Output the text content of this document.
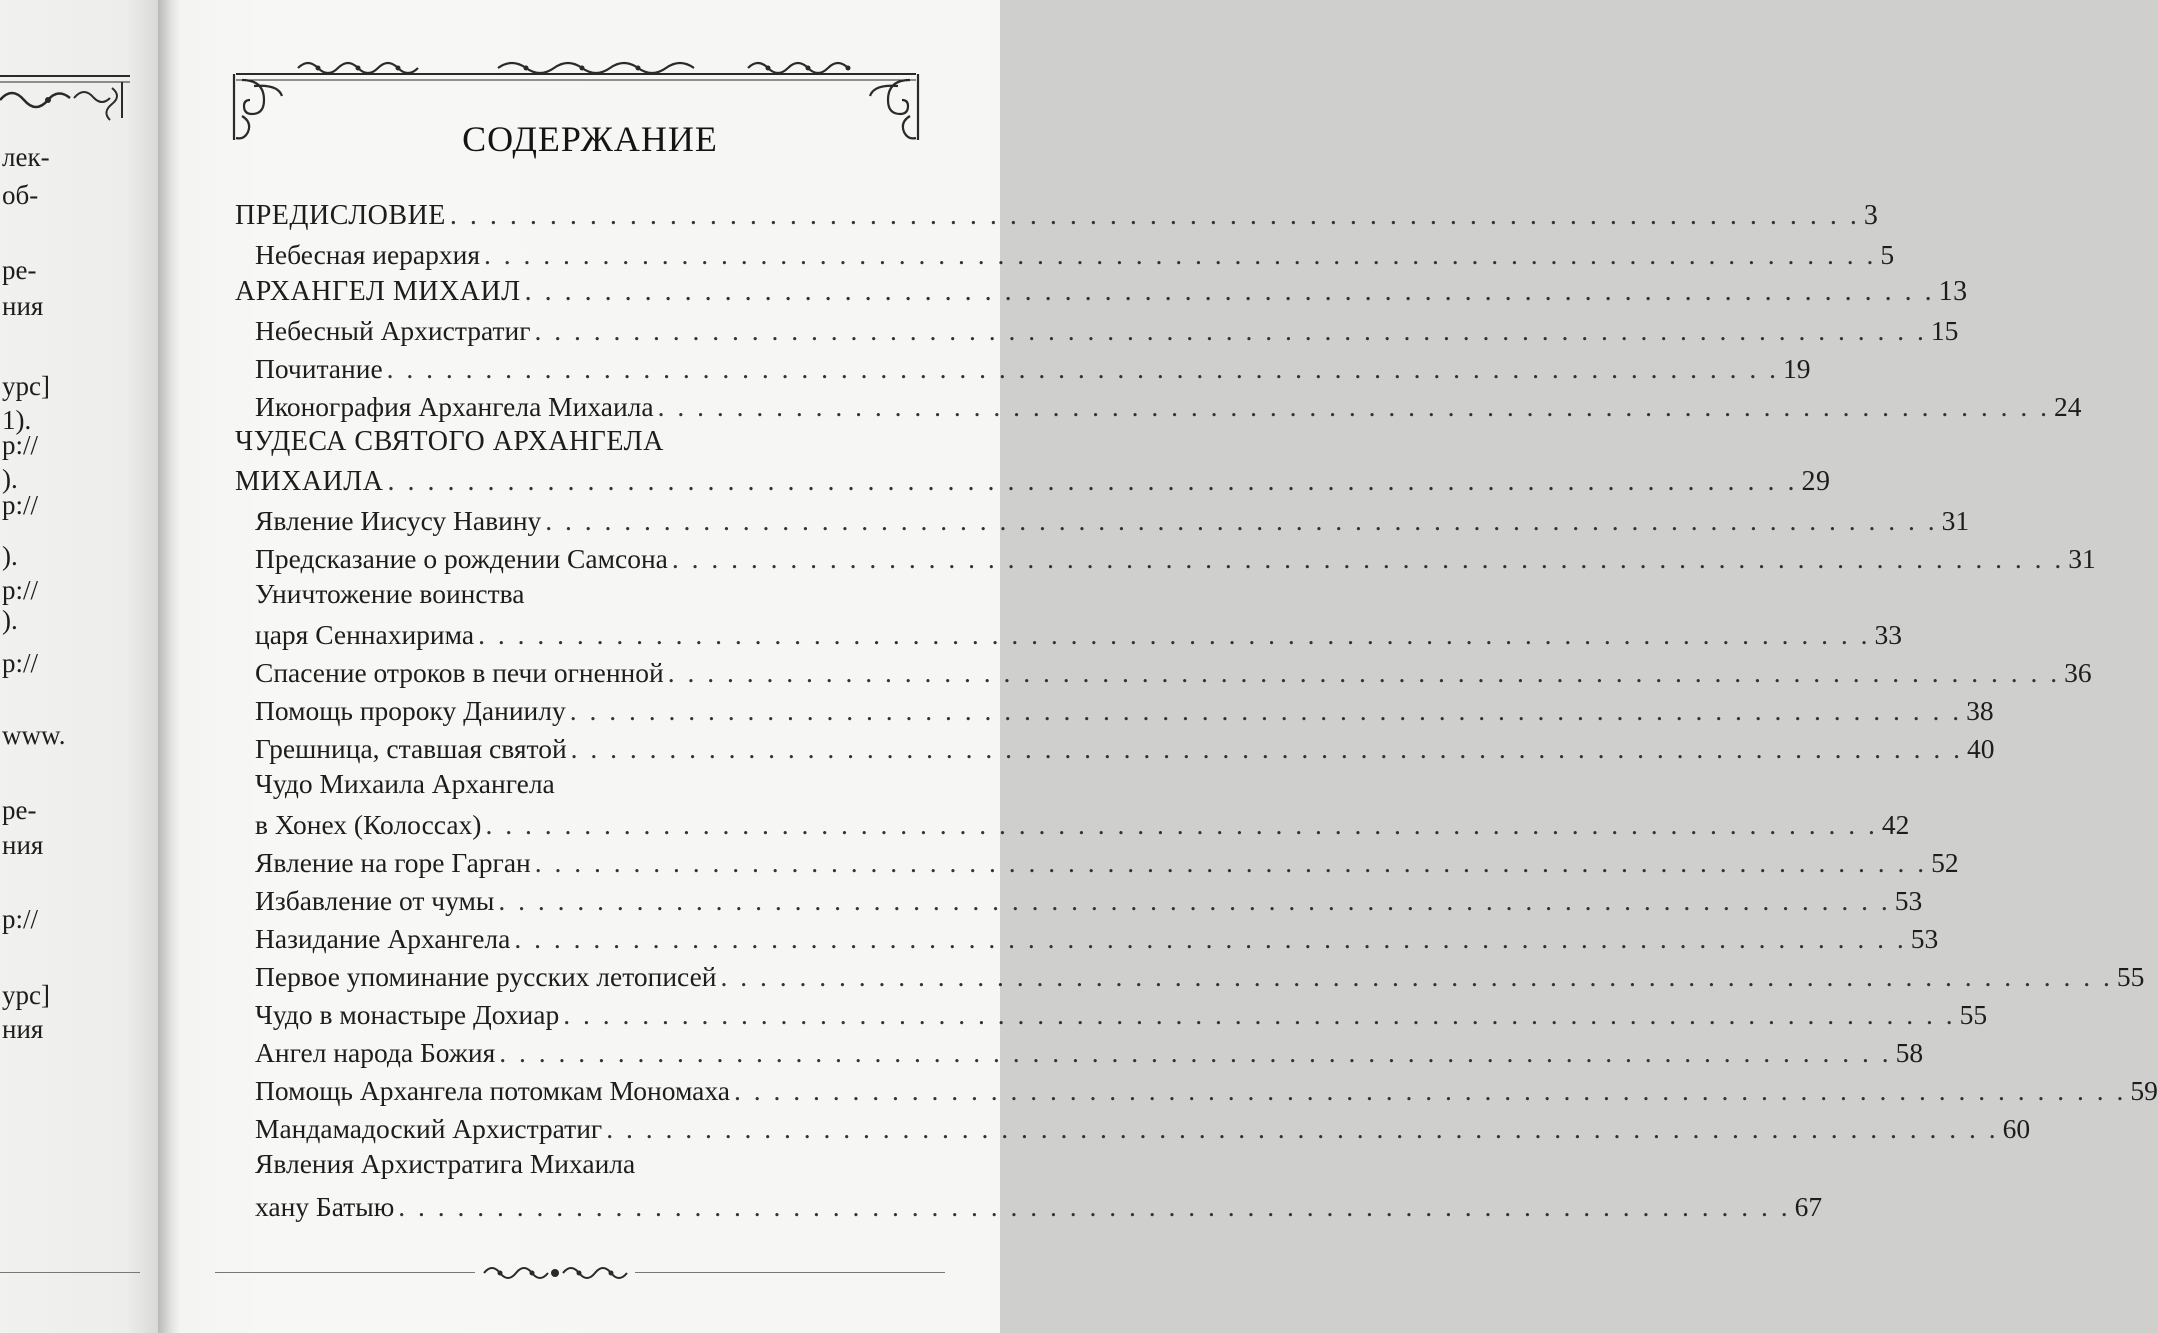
лек-
об-
ре-
ния
урс]
1).
р://
).
р://
).
р://
).
р://
www.
ре-
ния
р://
урс]
ния
СОДЕРЖАНИЕ
ПРЕДИСЛОВИЕ . . . . . . . . . . . . . . . . . . . . . . . . . . . . . . . . . . . . . . . . . . . . . . . . . . . . . . . . . . . . . . . . . . . . . . . 3
Небесная иерархия . . . . . . . . . . . . . . . . . . . . . . . . . . . . . . . . . . . . . . . . . . . . . . . . . . . . . . . . . . . . . . . . . . . . . . . 5
АРХАНГЕЛ МИХАИЛ . . . . . . . . . . . . . . . . . . . . . . . . . . . . . . . . . . . . . . . . . . . . . . . . . . . . . . . . . . . . . . . . . . . . . . . 13
Небесный Архистратиг . . . . . . . . . . . . . . . . . . . . . . . . . . . . . . . . . . . . . . . . . . . . . . . . . . . . . . . . . . . . . . . . . . . . . . . 15
Почитание . . . . . . . . . . . . . . . . . . . . . . . . . . . . . . . . . . . . . . . . . . . . . . . . . . . . . . . . . . . . . . . . . . . . . . . 19
Иконография Архангела Михаила . . . . . . . . . . . . . . . . . . . . . . . . . . . . . . . . . . . . . . . . . . . . . . . . . . . . . . . . . . . . . . . . . . . . . . . 24
ЧУДЕСА СВЯТОГО АРХАНГЕЛА
МИХАИЛА . . . . . . . . . . . . . . . . . . . . . . . . . . . . . . . . . . . . . . . . . . . . . . . . . . . . . . . . . . . . . . . . . . . . . . . 29
Явление Иисусу Навину . . . . . . . . . . . . . . . . . . . . . . . . . . . . . . . . . . . . . . . . . . . . . . . . . . . . . . . . . . . . . . . . . . . . . . . 31
Предсказание о рождении Самсона . . . . . . . . . . . . . . . . . . . . . . . . . . . . . . . . . . . . . . . . . . . . . . . . . . . . . . . . . . . . . . . . . . . . . . . 31
Уничтожение воинства
царя Сеннахирима . . . . . . . . . . . . . . . . . . . . . . . . . . . . . . . . . . . . . . . . . . . . . . . . . . . . . . . . . . . . . . . . . . . . . . . 33
Спасение отроков в печи огненной . . . . . . . . . . . . . . . . . . . . . . . . . . . . . . . . . . . . . . . . . . . . . . . . . . . . . . . . . . . . . . . . . . . . . . . 36
Помощь пророку Даниилу . . . . . . . . . . . . . . . . . . . . . . . . . . . . . . . . . . . . . . . . . . . . . . . . . . . . . . . . . . . . . . . . . . . . . . . 38
Грешница, ставшая святой . . . . . . . . . . . . . . . . . . . . . . . . . . . . . . . . . . . . . . . . . . . . . . . . . . . . . . . . . . . . . . . . . . . . . . . 40
Чудо Михаила Архангела
в Хонех (Колоссах) . . . . . . . . . . . . . . . . . . . . . . . . . . . . . . . . . . . . . . . . . . . . . . . . . . . . . . . . . . . . . . . . . . . . . . . 42
Явление на горе Гарган . . . . . . . . . . . . . . . . . . . . . . . . . . . . . . . . . . . . . . . . . . . . . . . . . . . . . . . . . . . . . . . . . . . . . . . 52
Избавление от чумы . . . . . . . . . . . . . . . . . . . . . . . . . . . . . . . . . . . . . . . . . . . . . . . . . . . . . . . . . . . . . . . . . . . . . . . 53
Назидание Архангела . . . . . . . . . . . . . . . . . . . . . . . . . . . . . . . . . . . . . . . . . . . . . . . . . . . . . . . . . . . . . . . . . . . . . . . 53
Первое упоминание русских летописей . . . . . . . . . . . . . . . . . . . . . . . . . . . . . . . . . . . . . . . . . . . . . . . . . . . . . . . . . . . . . . . . . . . . . . . 55
Чудо в монастыре Дохиар . . . . . . . . . . . . . . . . . . . . . . . . . . . . . . . . . . . . . . . . . . . . . . . . . . . . . . . . . . . . . . . . . . . . . . . 55
Ангел народа Божия . . . . . . . . . . . . . . . . . . . . . . . . . . . . . . . . . . . . . . . . . . . . . . . . . . . . . . . . . . . . . . . . . . . . . . . 58
Помощь Архангела потомкам Мономаха . . . . . . . . . . . . . . . . . . . . . . . . . . . . . . . . . . . . . . . . . . . . . . . . . . . . . . . . . . . . . . . . . . . . . . . 59
Мандамадоский Архистратиг . . . . . . . . . . . . . . . . . . . . . . . . . . . . . . . . . . . . . . . . . . . . . . . . . . . . . . . . . . . . . . . . . . . . . . . 60
Явления Архистратига Михаила
хану Батыю . . . . . . . . . . . . . . . . . . . . . . . . . . . . . . . . . . . . . . . . . . . . . . . . . . . . . . . . . . . . . . . . . . . . . . . 67
